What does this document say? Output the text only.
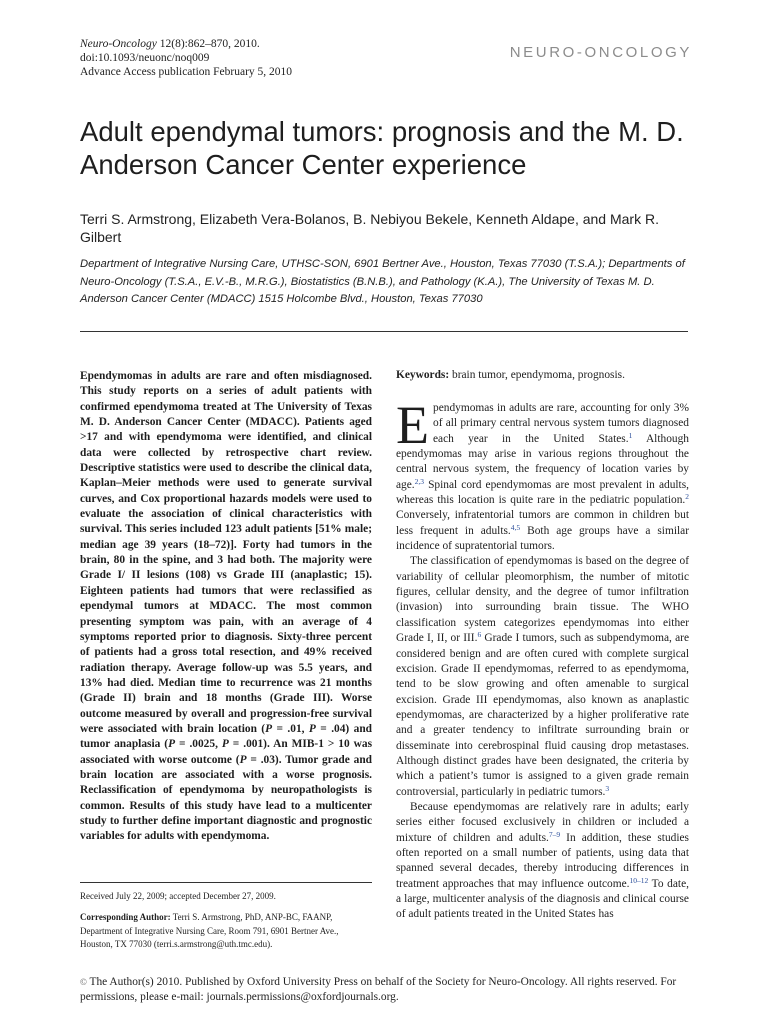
Neuro-Oncology 12(8):862–870, 2010.
doi:10.1093/neuonc/noq009
Advance Access publication February 5, 2010
NEURO-ONCOLOGY
Adult ependymal tumors: prognosis and the M. D. Anderson Cancer Center experience
Terri S. Armstrong, Elizabeth Vera-Bolanos, B. Nebiyou Bekele, Kenneth Aldape, and Mark R. Gilbert
Department of Integrative Nursing Care, UTHSC-SON, 6901 Bertner Ave., Houston, Texas 77030 (T.S.A.); Departments of Neuro-Oncology (T.S.A., E.V.-B., M.R.G.), Biostatistics (B.N.B.), and Pathology (K.A.), The University of Texas M. D. Anderson Cancer Center (MDACC) 1515 Holcombe Blvd., Houston, Texas 77030
Ependymomas in adults are rare and often misdiagnosed. This study reports on a series of adult patients with confirmed ependymoma treated at The University of Texas M. D. Anderson Cancer Center (MDACC). Patients aged >17 and with ependymoma were identified, and clinical data were collected by retrospective chart review. Descriptive statistics were used to describe the clinical data, Kaplan–Meier methods were used to generate survival curves, and Cox proportional hazards models were used to evaluate the association of clinical characteristics with survival. This series included 123 adult patients [51% male; median age 39 years (18–72)]. Forty had tumors in the brain, 80 in the spine, and 3 had both. The majority were Grade I/ II lesions (108) vs Grade III (anaplastic; 15). Eighteen patients had tumors that were reclassified as ependymal tumors at MDACC. The most common presenting symptom was pain, with an average of 4 symptoms reported prior to diagnosis. Sixty-three percent of patients had a gross total resection, and 49% received radiation therapy. Average follow-up was 5.5 years, and 13% had died. Median time to recurrence was 21 months (Grade II) brain and 18 months (Grade III). Worse outcome measured by overall and progression-free survival were associated with brain location (P = .01, P = .04) and tumor anaplasia (P = .0025, P = .001). An MIB-1 > 10 was associated with worse outcome (P = .03). Tumor grade and brain location are associated with a worse prognosis. Reclassification of ependymoma by neuropathologists is common. Results of this study have lead to a multicenter study to further define important diagnostic and prognostic variables for adults with ependymoma.
Received July 22, 2009; accepted December 27, 2009.
Corresponding Author: Terri S. Armstrong, PhD, ANP-BC, FAANP, Department of Integrative Nursing Care, Room 791, 6901 Bertner Ave., Houston, TX 77030 (terri.s.armstrong@uth.tmc.edu).
Keywords: brain tumor, ependymoma, prognosis.

Ependymomas in adults are rare, accounting for only 3% of all primary central nervous system tumors diagnosed each year in the United States.$^1$ Although ependymomas may arise in various regions throughout the central nervous system, the frequency of location varies by age.$^{2,3}$ Spinal cord ependymomas are most prevalent in adults, whereas this location is quite rare in the pediatric population.$^2$ Conversely, infratentorial tumors are common in children but less frequent in adults.$^{4,5}$ Both age groups have a similar incidence of supratentorial tumors.

The classification of ependymomas is based on the degree of variability of cellular pleomorphism, the number of mitotic figures, cellular density, and the degree of tumor infiltration (invasion) into surrounding brain tissue. The WHO classification system categorizes ependymomas into either Grade I, II, or III.$^6$ Grade I tumors, such as subpendymoma, are considered benign and are often cured with complete surgical excision. Grade II ependymomas, referred to as ependymoma, tend to be slow growing and often amenable to surgical excision. Grade III ependymomas, also known as anaplastic ependymomas, are characterized by a higher proliferative rate and a greater tendency to infiltrate surrounding brain or disseminate into cerebrospinal fluid causing drop metastases. Although distinct grades have been designated, the criteria by which a patient’s tumor is assigned to a given grade remain controversial, particularly in pediatric tumors.$^3$

Because ependymomas are relatively rare in adults; early series either focused exclusively in children or included a mixture of children and adults.$^{7-9}$ In addition, these studies often reported on a small number of patients, using data that spanned several decades, thereby introducing differences in treatment approaches that may influence outcome.$^{10-12}$ To date, a large, multicenter analysis of the diagnosis and clinical course of adult patients treated in the United States has

© The Author(s) 2010. Published by Oxford University Press on behalf of the Society for Neuro-Oncology. All rights reserved. For permissions, please e-mail: journals.permissions@oxfordjournals.org.
